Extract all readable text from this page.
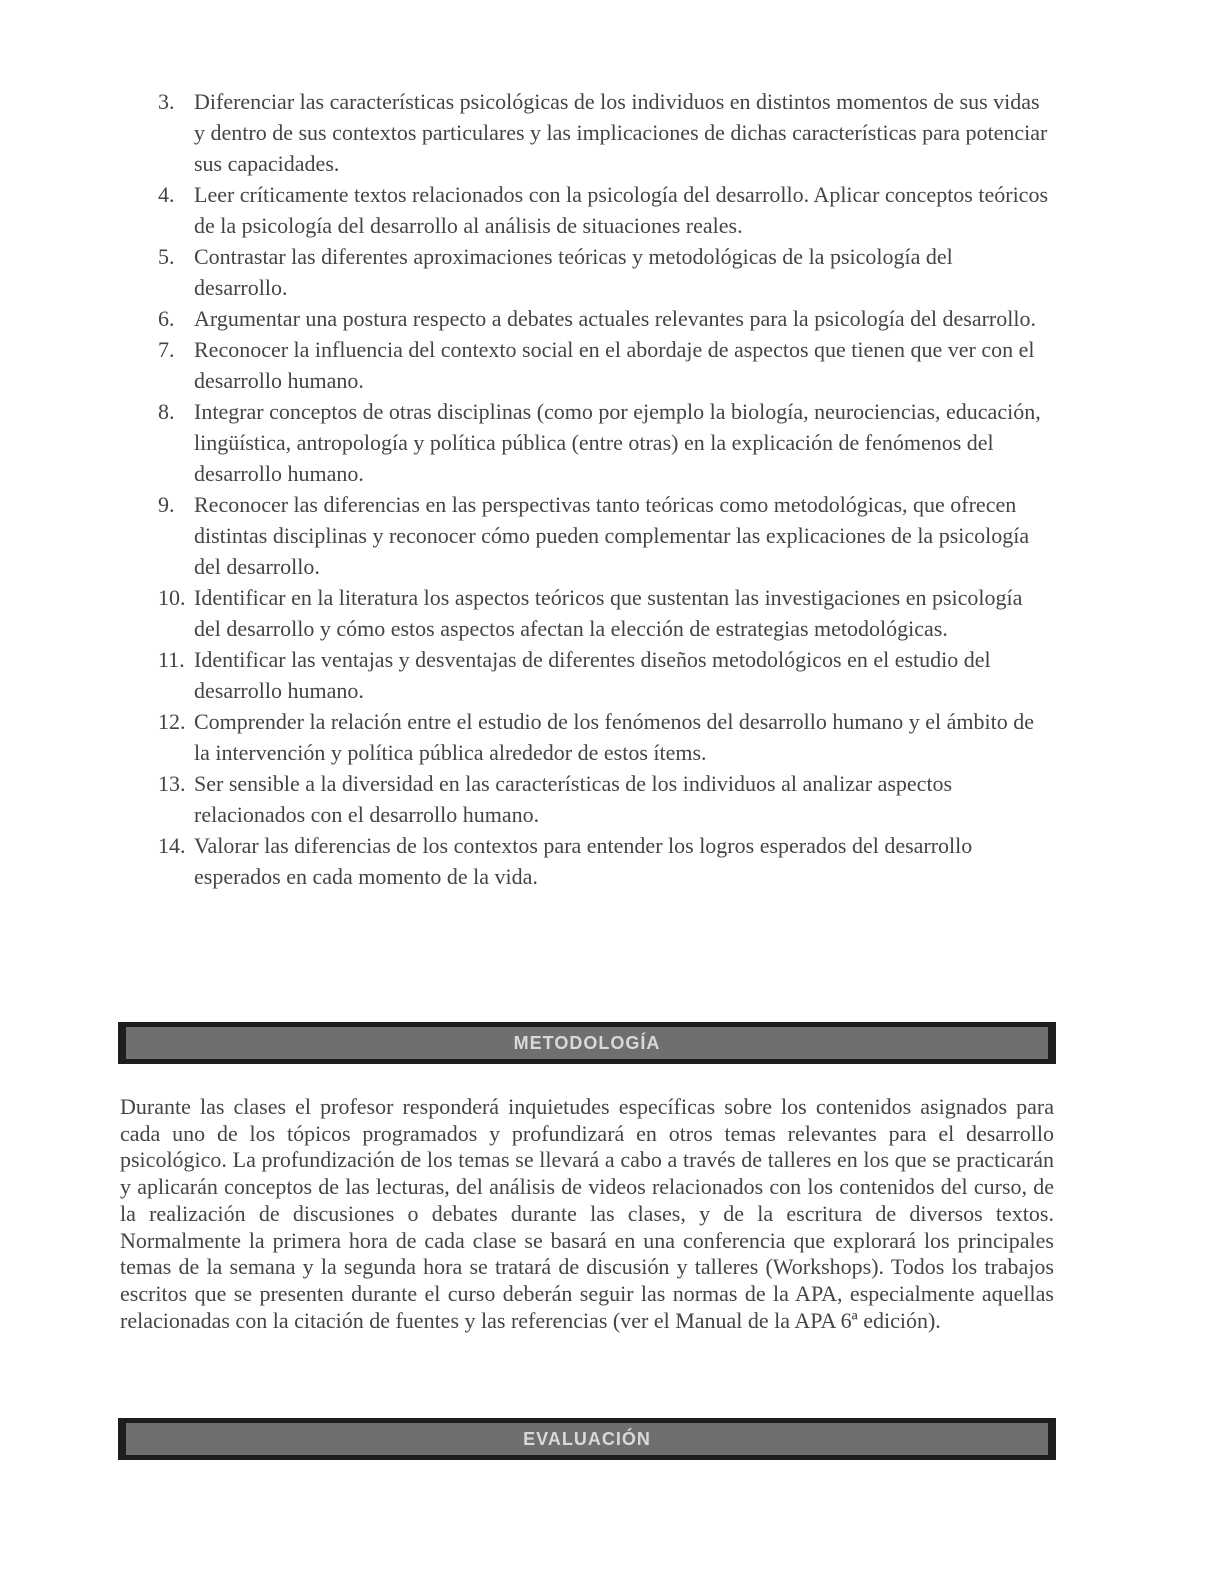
3. Diferenciar las características psicológicas de los individuos en distintos momentos de sus vidas y dentro de sus contextos particulares y las implicaciones de dichas características para potenciar sus capacidades.
4. Leer críticamente textos relacionados con la psicología del desarrollo. Aplicar conceptos teóricos de la psicología del desarrollo al análisis de situaciones reales.
5. Contrastar las diferentes aproximaciones teóricas y metodológicas de la psicología del desarrollo.
6. Argumentar una postura respecto a debates actuales relevantes para la psicología del desarrollo.
7. Reconocer la influencia del contexto social en el abordaje de aspectos que tienen que ver con el desarrollo humano.
8. Integrar conceptos de otras disciplinas (como por ejemplo la biología, neurociencias, educación, lingüística, antropología y política pública (entre otras) en la explicación de fenómenos del desarrollo humano.
9. Reconocer las diferencias en las perspectivas tanto teóricas como metodológicas, que ofrecen distintas disciplinas y reconocer cómo pueden complementar las explicaciones de la psicología del desarrollo.
10. Identificar en la literatura los aspectos teóricos que sustentan las investigaciones en psicología del desarrollo y cómo estos aspectos afectan la elección de estrategias metodológicas.
11. Identificar las ventajas y desventajas de diferentes diseños metodológicos en el estudio del desarrollo humano.
12. Comprender la relación entre el estudio de los fenómenos del desarrollo humano y el ámbito de la intervención y política pública alrededor de estos ítems.
13. Ser sensible a la diversidad en las características de los individuos al analizar aspectos relacionados con el desarrollo humano.
14. Valorar las diferencias de los contextos para entender los logros esperados del desarrollo esperados en cada momento de la vida.
METODOLOGÍA

Durante las clases el profesor responderá inquietudes específicas sobre los contenidos asignados para cada uno de los tópicos programados y profundizará en otros temas relevantes para el desarrollo psicológico. La profundización de los temas se llevará a cabo a través de talleres en los que se practicarán y aplicarán conceptos de las lecturas, del análisis de videos relacionados con los contenidos del curso, de la realización de discusiones o debates durante las clases, y de la escritura de diversos textos. Normalmente la primera hora de cada clase se basará en una conferencia que explorará los principales temas de la semana y la segunda hora se tratará de discusión y talleres (Workshops). Todos los trabajos escritos que se presenten durante el curso deberán seguir las normas de la APA, especialmente aquellas relacionadas con la citación de fuentes y las referencias (ver el Manual de la APA 6ª edición).

EVALUACIÓN
